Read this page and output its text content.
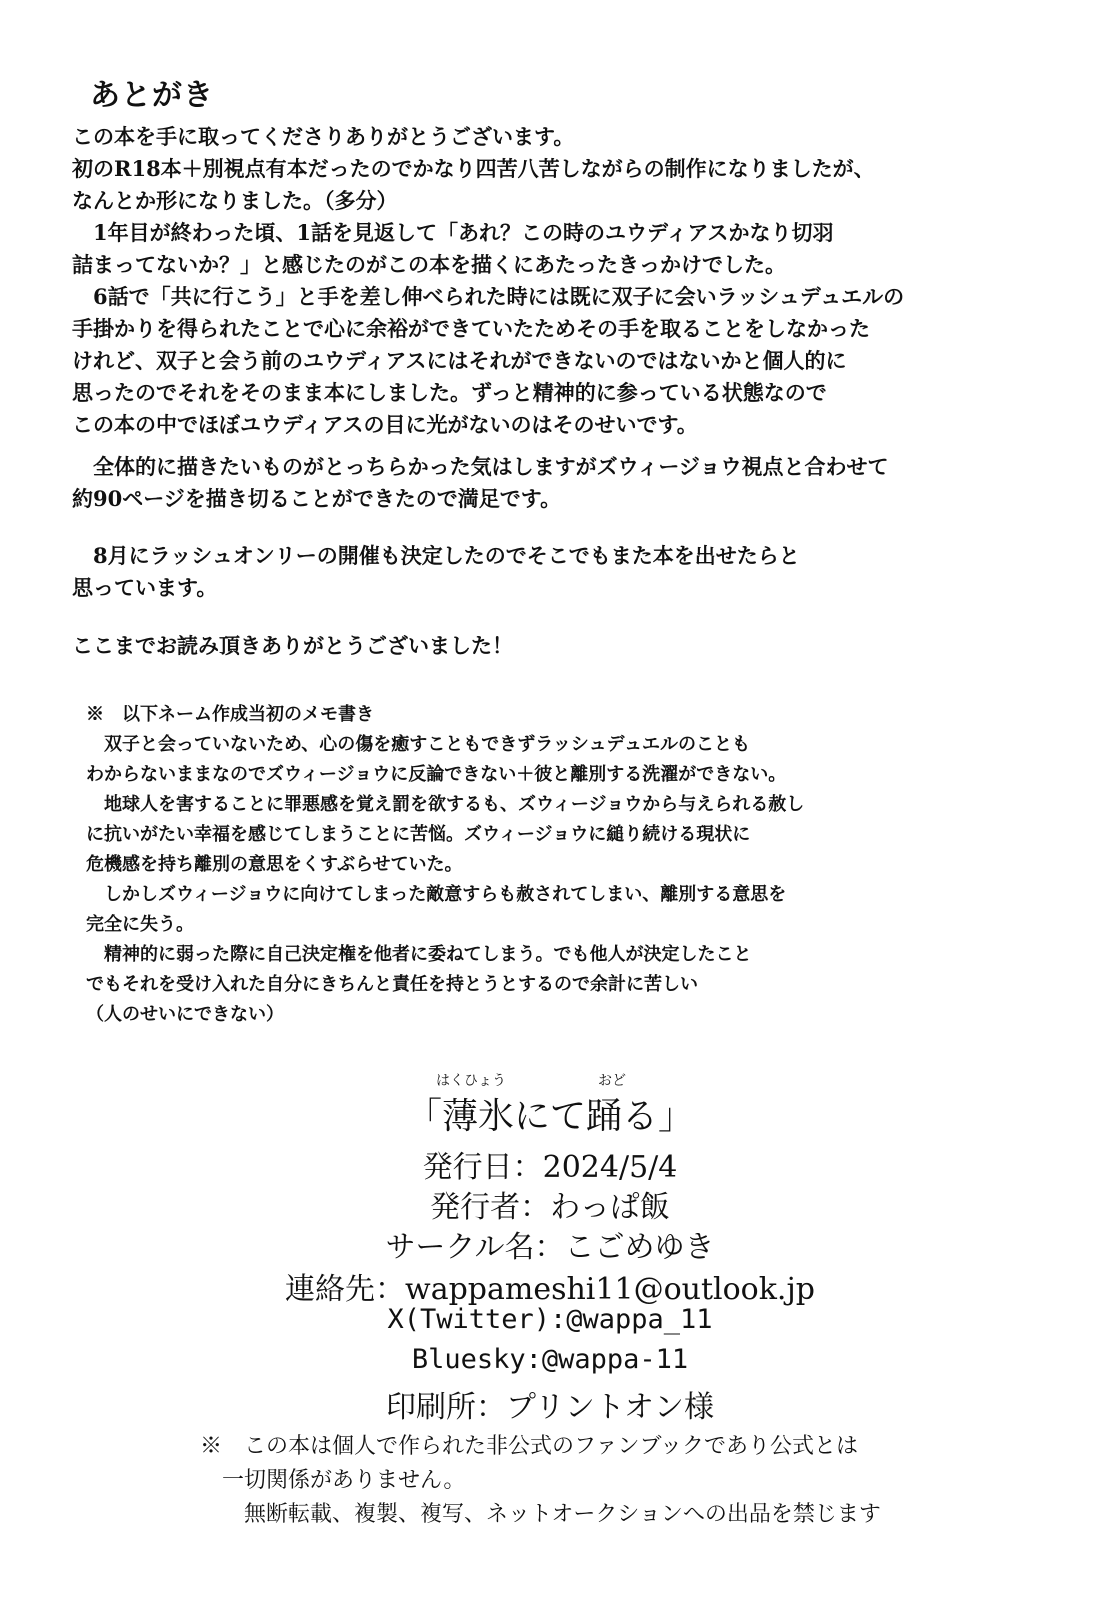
あとがき
この本を手に取ってくださりありがとうございます。
初のR18本＋別視点有本だったのでかなり四苦八苦しながらの制作になりましたが、
なんとか形になりました。（多分）
　1年目が終わった頃、1話を見返して「あれ？この時のユウディアスかなり切羽
詰まってないか？」と感じたのがこの本を描くにあたったきっかけでした。
　6話で「共に行こう」と手を差し伸べられた時には既に双子に会いラッシュデュエルの
手掛かりを得られたことで心に余裕ができていたためその手を取ることをしなかった
けれど、双子と会う前のユウディアスにはそれができないのではないかと個人的に
思ったのでそれをそのまま本にしました。ずっと精神的に参っている状態なので
この本の中でほぼユウディアスの目に光がないのはそのせいです。
　全体的に描きたいものがとっちらかった気はしますがズウィージョウ視点と合わせて
約90ページを描き切ることができたので満足です。
　8月にラッシュオンリーの開催も決定したのでそこでもまた本を出せたらと
思っています。
ここまでお読み頂きありがとうございました！
※　以下ネーム作成当初のメモ書き
　双子と会っていないため、心の傷を癒すこともできずラッシュデュエルのことも
わからないままなのでズウィージョウに反論できない＋彼と離別する洗濯ができない。
　地球人を害することに罪悪感を覚え罰を欲するも、ズウィージョウから与えられる赦し
に抗いがたい幸福を感じてしまうことに苦悩。ズウィージョウに縋り続ける現状に
危機感を持ち離別の意思をくすぶらせていた。
　しかしズウィージョウに向けてしまった敵意すらも赦されてしまい、離別する意思を
完全に失う。
　精神的に弱った際に自己決定権を他者に委ねてしまう。でも他人が決定したこと
でもそれを受け入れた自分にきちんと責任を持とうとするので余計に苦しい
（人のせいにできない）
はくひょう	おど
「薄氷にて踊る」
発行日：2024/5/4
発行者：わっぱ飯
サークル名：こごめゆき
連絡先：wappameshi11@outlook.jp
X(Twitter):@wappa_11
Bluesky:@wappa-11
印刷所：プリントオン様
※　この本は個人で作られた非公式のファンブックであり公式とは
　一切関係がありません。
　　無断転載、複製、複写、ネットオークションへの出品を禁じます
